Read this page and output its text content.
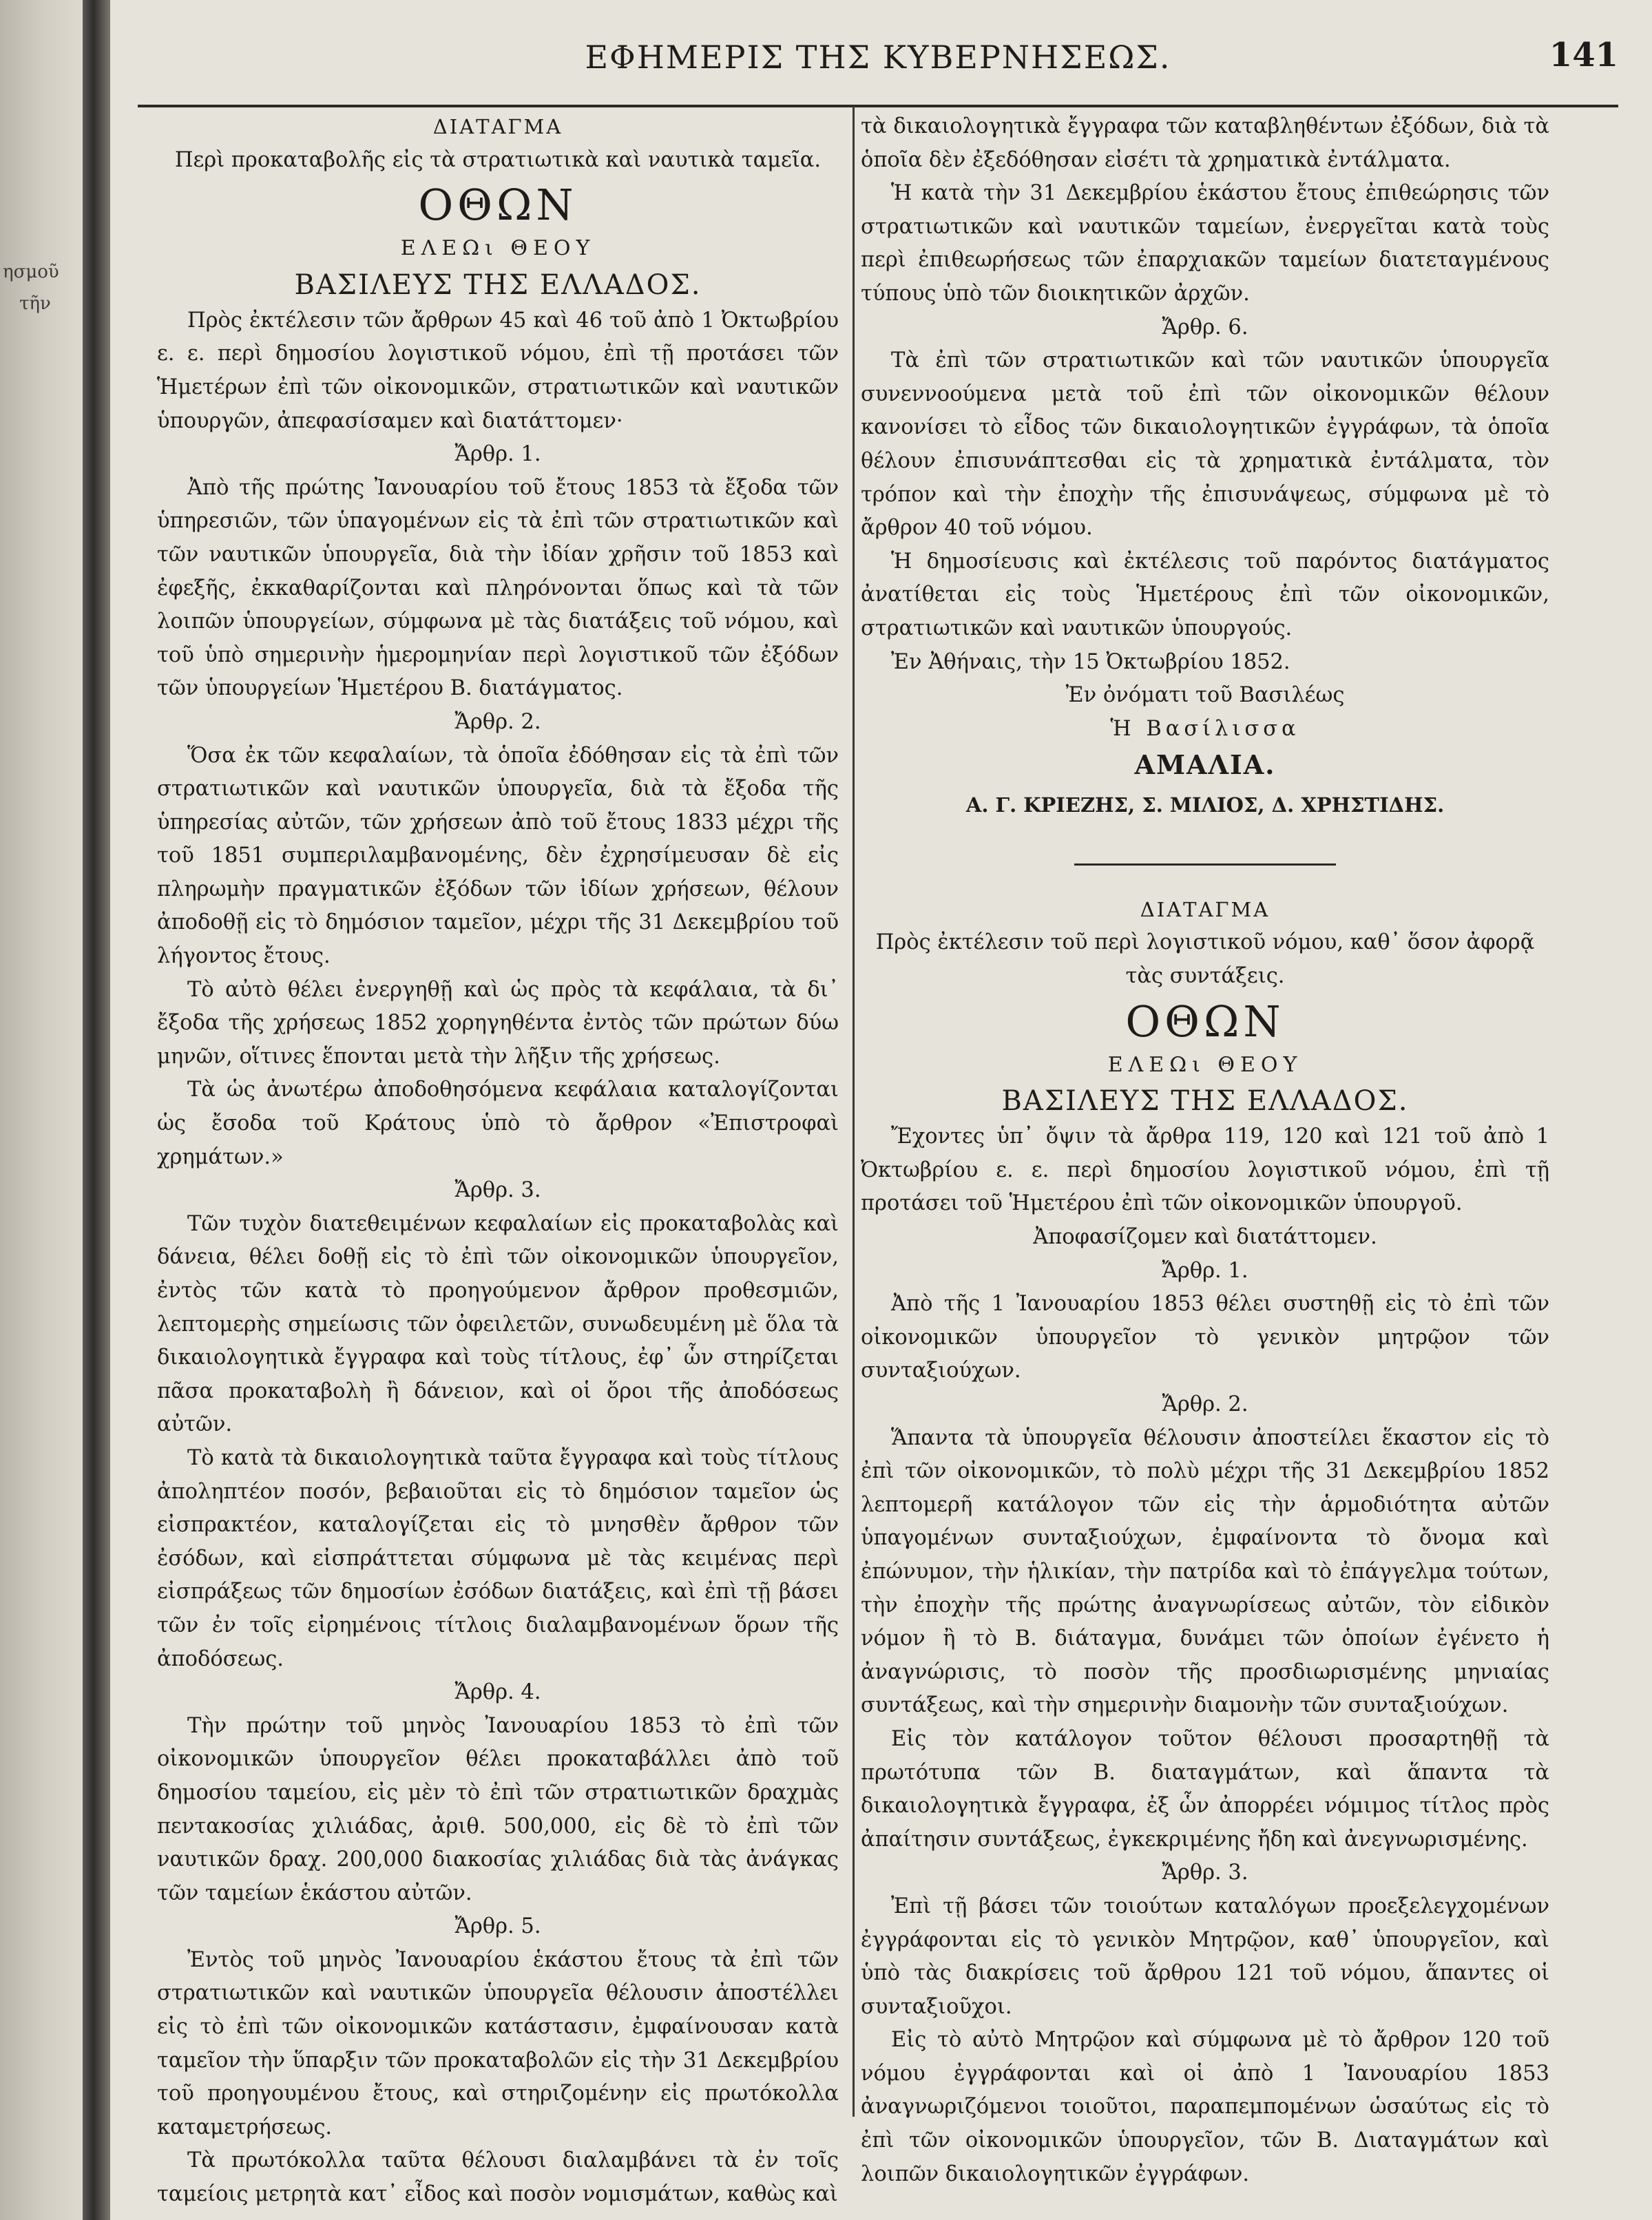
ησμοῦ
τῆν
ΕΦΗΜΕΡΙΣ ΤΗΣ ΚΥΒΕΡΝΗΣΕΩΣ.	141
ΔΙΑΤΑΓΜΑ
Περὶ προκαταβολῆς εἰς τὰ στρατιωτικὰ καὶ ναυτικὰ ταμεῖα.
ΟΘΩΝ
ΕΛΕΩι ΘΕΟΥ
ΒΑΣΙΛΕΥΣ ΤΗΣ ΕΛΛΑΔΟΣ.

Πρὸς ἐκτέλεσιν τῶν ἄρθρων 45 καὶ 46 τοῦ ἀπὸ 1 Ὀκτωβρίου ε. ε. περὶ δημοσίου λογιστικοῦ νόμου, ἐπὶ τῇ προτάσει τῶν Ἡμετέρων ἐπὶ τῶν οἰκονομικῶν, στρατιωτικῶν καὶ ναυτικῶν ὑπουργῶν, ἀπεφασίσαμεν καὶ διατάττομεν·

Ἄρθρ. 1.

Ἀπὸ τῆς πρώτης Ἰανουαρίου τοῦ ἔτους 1853 τὰ ἔξοδα τῶν ὑπηρεσιῶν, τῶν ὑπαγομένων εἰς τὰ ἐπὶ τῶν στρατιωτικῶν καὶ τῶν ναυτικῶν ὑπουργεῖα, διὰ τὴν ἰδίαν χρῆσιν τοῦ 1853 καὶ ἐφεξῆς, ἐκκαθαρίζονται καὶ πληρόνονται ὅπως καὶ τὰ τῶν λοιπῶν ὑπουργείων, σύμφωνα μὲ τὰς διατάξεις τοῦ νόμου, καὶ τοῦ ὑπὸ σημερινὴν ἡμερομηνίαν περὶ λογιστικοῦ τῶν ἐξόδων τῶν ὑπουργείων Ἡμετέρου Β. διατάγματος.

Ἄρθρ. 2.

Ὅσα ἐκ τῶν κεφαλαίων, τὰ ὁποῖα ἐδόθησαν εἰς τὰ ἐπὶ τῶν στρατιωτικῶν καὶ ναυτικῶν ὑπουργεῖα, διὰ τὰ ἔξοδα τῆς ὑπηρεσίας αὐτῶν, τῶν χρήσεων ἀπὸ τοῦ ἔτους 1833 μέχρι τῆς τοῦ 1851 συμπεριλαμβανομένης, δὲν ἐχρησίμευσαν δὲ εἰς πληρωμὴν πραγματικῶν ἐξόδων τῶν ἰδίων χρήσεων, θέλουν ἀποδοθῇ εἰς τὸ δημόσιον ταμεῖον, μέχρι τῆς 31 Δεκεμβρίου τοῦ λήγοντος ἔτους.

Τὸ αὐτὸ θέλει ἐνεργηθῇ καὶ ὡς πρὸς τὰ κεφάλαια, τὰ δι᾽ ἔξοδα τῆς χρήσεως 1852 χορηγηθέντα ἐντὸς τῶν πρώτων δύω μηνῶν, οἵτινες ἕπονται μετὰ τὴν λῆξιν τῆς χρήσεως.

Τὰ ὡς ἀνωτέρω ἀποδοθησόμενα κεφάλαια καταλογίζονται ὡς ἔσοδα τοῦ Κράτους ὑπὸ τὸ ἄρθρον «Ἐπιστροφαὶ χρημάτων.»

Ἄρθρ. 3.

Τῶν τυχὸν διατεθειμένων κεφαλαίων εἰς προκαταβολὰς καὶ δάνεια, θέλει δοθῇ εἰς τὸ ἐπὶ τῶν οἰκονομικῶν ὑπουργεῖον, ἐντὸς τῶν κατὰ τὸ προηγούμενον ἄρθρον προθεσμιῶν, λεπτομερὴς σημείωσις τῶν ὀφειλετῶν, συνωδευμένη μὲ ὅλα τὰ δικαιολογητικὰ ἔγγραφα καὶ τοὺς τίτλους, ἐφ᾽ ὧν στηρίζεται πᾶσα προκαταβολὴ ἢ δάνειον, καὶ οἱ ὅροι τῆς ἀποδόσεως αὐτῶν.

Τὸ κατὰ τὰ δικαιολογητικὰ ταῦτα ἔγγραφα καὶ τοὺς τίτλους ἀποληπτέον ποσόν, βεβαιοῦται εἰς τὸ δημόσιον ταμεῖον ὡς εἰσπρακτέον, καταλογίζεται εἰς τὸ μνησθὲν ἄρθρον τῶν ἐσόδων, καὶ εἰσπράττεται σύμφωνα μὲ τὰς κειμένας περὶ εἰσπράξεως τῶν δημοσίων ἐσόδων διατάξεις, καὶ ἐπὶ τῇ βάσει τῶν ἐν τοῖς εἰρημένοις τίτλοις διαλαμβανομένων ὅρων τῆς ἀποδόσεως.

Ἄρθρ. 4.

Τὴν πρώτην τοῦ μηνὸς Ἰανουαρίου 1853 τὸ ἐπὶ τῶν οἰκονομικῶν ὑπουργεῖον θέλει προκαταβάλλει ἀπὸ τοῦ δημοσίου ταμείου, εἰς μὲν τὸ ἐπὶ τῶν στρατιωτικῶν δραχμὰς πεντακοσίας χιλιάδας, ἀριθ. 500,000, εἰς δὲ τὸ ἐπὶ τῶν ναυτικῶν δραχ. 200,000 διακοσίας χιλιάδας διὰ τὰς ἀνάγκας τῶν ταμείων ἑκάστου αὐτῶν.

Ἄρθρ. 5.

Ἐντὸς τοῦ μηνὸς Ἰανουαρίου ἑκάστου ἔτους τὰ ἐπὶ τῶν στρατιωτικῶν καὶ ναυτικῶν ὑπουργεῖα θέλουσιν ἀποστέλλει εἰς τὸ ἐπὶ τῶν οἰκονομικῶν κατάστασιν, ἐμφαίνουσαν κατὰ ταμεῖον τὴν ὕπαρξιν τῶν προκαταβολῶν εἰς τὴν 31 Δεκεμβρίου τοῦ προηγουμένου ἔτους, καὶ στηριζομένην εἰς πρωτόκολλα καταμετρήσεως.

Τὰ πρωτόκολλα ταῦτα θέλουσι διαλαμβάνει τὰ ἐν τοῖς ταμείοις μετρητὰ κατ᾽ εἶδος καὶ ποσὸν νομισμάτων, καθὼς καὶ

τὰ δικαιολογητικὰ ἔγγραφα τῶν καταβληθέντων ἐξόδων, διὰ τὰ ὁποῖα δὲν ἐξεδόθησαν εἰσέτι τὰ χρηματικὰ ἐντάλματα.

Ἡ κατὰ τὴν 31 Δεκεμβρίου ἑκάστου ἔτους ἐπιθεώρησις τῶν στρατιωτικῶν καὶ ναυτικῶν ταμείων, ἐνεργεῖται κατὰ τοὺς περὶ ἐπιθεωρήσεως τῶν ἐπαρχιακῶν ταμείων διατεταγμένους τύπους ὑπὸ τῶν διοικητικῶν ἀρχῶν.

Ἄρθρ. 6.

Τὰ ἐπὶ τῶν στρατιωτικῶν καὶ τῶν ναυτικῶν ὑπουργεῖα συνεννοούμενα μετὰ τοῦ ἐπὶ τῶν οἰκονομικῶν θέλουν κανονίσει τὸ εἶδος τῶν δικαιολογητικῶν ἐγγράφων, τὰ ὁποῖα θέλουν ἐπισυνάπτεσθαι εἰς τὰ χρηματικὰ ἐντάλματα, τὸν τρόπον καὶ τὴν ἐποχὴν τῆς ἐπισυνάψεως, σύμφωνα μὲ τὸ ἄρθρον 40 τοῦ νόμου.

Ἡ δημοσίευσις καὶ ἐκτέλεσις τοῦ παρόντος διατάγματος ἀνατίθεται εἰς τοὺς Ἡμετέρους ἐπὶ τῶν οἰκονομικῶν, στρατιωτικῶν καὶ ναυτικῶν ὑπουργούς.

Ἐν Ἀθήναις, τὴν 15 Ὀκτωβρίου 1852.

Ἐν ὀνόματι τοῦ Βασιλέως
Ἡ Βασίλισσα
ΑΜΑΛΙΑ.
Α. Γ. ΚΡΙΕΖΗΣ, Σ. ΜΙΛΙΟΣ, Δ. ΧΡΗΣΤΙΔΗΣ.
ΔΙΑΤΑΓΜΑ
Πρὸς ἐκτέλεσιν τοῦ περὶ λογιστικοῦ νόμου, καθ᾽ ὅσον ἀφορᾷ τὰς συντάξεις.
ΟΘΩΝ
ΕΛΕΩι ΘΕΟΥ
ΒΑΣΙΛΕΥΣ ΤΗΣ ΕΛΛΑΔΟΣ.

Ἔχοντες ὑπ᾽ ὄψιν τὰ ἄρθρα 119, 120 καὶ 121 τοῦ ἀπὸ 1 Ὀκτωβρίου ε. ε. περὶ δημοσίου λογιστικοῦ νόμου, ἐπὶ τῇ προτάσει τοῦ Ἡμετέρου ἐπὶ τῶν οἰκονομικῶν ὑπουργοῦ.

Ἀποφασίζομεν καὶ διατάττομεν.
Ἄρθρ. 1.

Ἀπὸ τῆς 1 Ἰανουαρίου 1853 θέλει συστηθῇ εἰς τὸ ἐπὶ τῶν οἰκονομικῶν ὑπουργεῖον τὸ γενικὸν μητρῷον τῶν συνταξιούχων.

Ἄρθρ. 2.

Ἅπαντα τὰ ὑπουργεῖα θέλουσιν ἀποστείλει ἕκαστον εἰς τὸ ἐπὶ τῶν οἰκονομικῶν, τὸ πολὺ μέχρι τῆς 31 Δεκεμβρίου 1852 λεπτομερῆ κατάλογον τῶν εἰς τὴν ἁρμοδιότητα αὐτῶν ὑπαγομένων συνταξιούχων, ἐμφαίνοντα τὸ ὄνομα καὶ ἐπώνυμον, τὴν ἡλικίαν, τὴν πατρίδα καὶ τὸ ἐπάγγελμα τούτων, τὴν ἐποχὴν τῆς πρώτης ἀναγνωρίσεως αὐτῶν, τὸν εἰδικὸν νόμον ἢ τὸ Β. διάταγμα, δυνάμει τῶν ὁποίων ἐγένετο ἡ ἀναγνώρισις, τὸ ποσὸν τῆς προσδιωρισμένης μηνιαίας συντάξεως, καὶ τὴν σημερινὴν διαμονὴν τῶν συνταξιούχων.

Εἰς τὸν κατάλογον τοῦτον θέλουσι προσαρτηθῇ τὰ πρωτότυπα τῶν Β. διαταγμάτων, καὶ ἅπαντα τὰ δικαιολογητικὰ ἔγγραφα, ἐξ ὧν ἀπορρέει νόμιμος τίτλος πρὸς ἀπαίτησιν συντάξεως, ἐγκεκριμένης ἤδη καὶ ἀνεγνωρισμένης.

Ἄρθρ. 3.

Ἐπὶ τῇ βάσει τῶν τοιούτων καταλόγων προεξελεγχομένων ἐγγράφονται εἰς τὸ γενικὸν Μητρῷον, καθ᾽ ὑπουργεῖον, καὶ ὑπὸ τὰς διακρίσεις τοῦ ἄρθρου 121 τοῦ νόμου, ἅπαντες οἱ συνταξιοῦχοι.

Εἰς τὸ αὐτὸ Μητρῷον καὶ σύμφωνα μὲ τὸ ἄρθρον 120 τοῦ νόμου ἐγγράφονται καὶ οἱ ἀπὸ 1 Ἰανουαρίου 1853 ἀναγνωριζόμενοι τοιοῦτοι, παραπεμπομένων ὡσαύτως εἰς τὸ ἐπὶ τῶν οἰκονομικῶν ὑπουργεῖον, τῶν Β. Διαταγμάτων καὶ λοιπῶν δικαιολογητικῶν ἐγγράφων.
